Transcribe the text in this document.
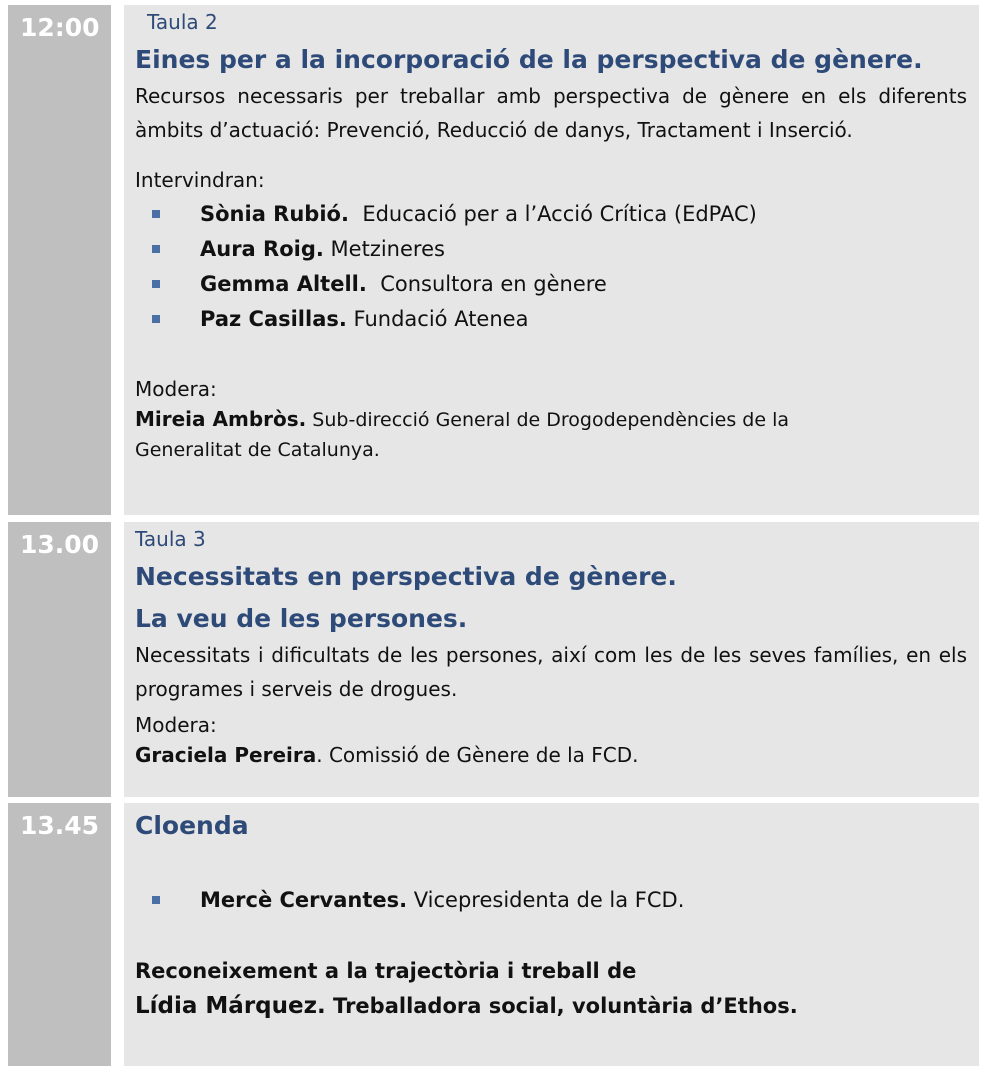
12:00	Taula 2
Eines per a la incorporació de la perspectiva de gènere.
Recursos necessaris per treballar amb perspectiva de gènere en els diferents àmbits d’actuació: Prevenció, Reducció de danys, Tractament i Inserció.
Intervindran:
Sònia Rubió. Educació per a l’Acció Crítica (EdPAC)
Aura Roig. Metzineres
Gemma Altell. Consultora en gènere
Paz Casillas. Fundació Atenea
Modera:
Mireia Ambròs. Sub-direcció General de Drogodependències de la
Generalitat de Catalunya.
13.00 Taula 3
Necessitats en perspectiva de gènere.
La veu de les persones.
Necessitats i dificultats de les persones, així com les de les seves famílies, en els programes i serveis de drogues.
Modera:
Graciela Pereira. Comissió de Gènere de la FCD.
13.45 Cloenda
Mercè Cervantes. Vicepresidenta de la FCD.
Reconeixement a la trajectòria i treball de
Lídia Márquez. Treballadora social, voluntària d’Ethos.
